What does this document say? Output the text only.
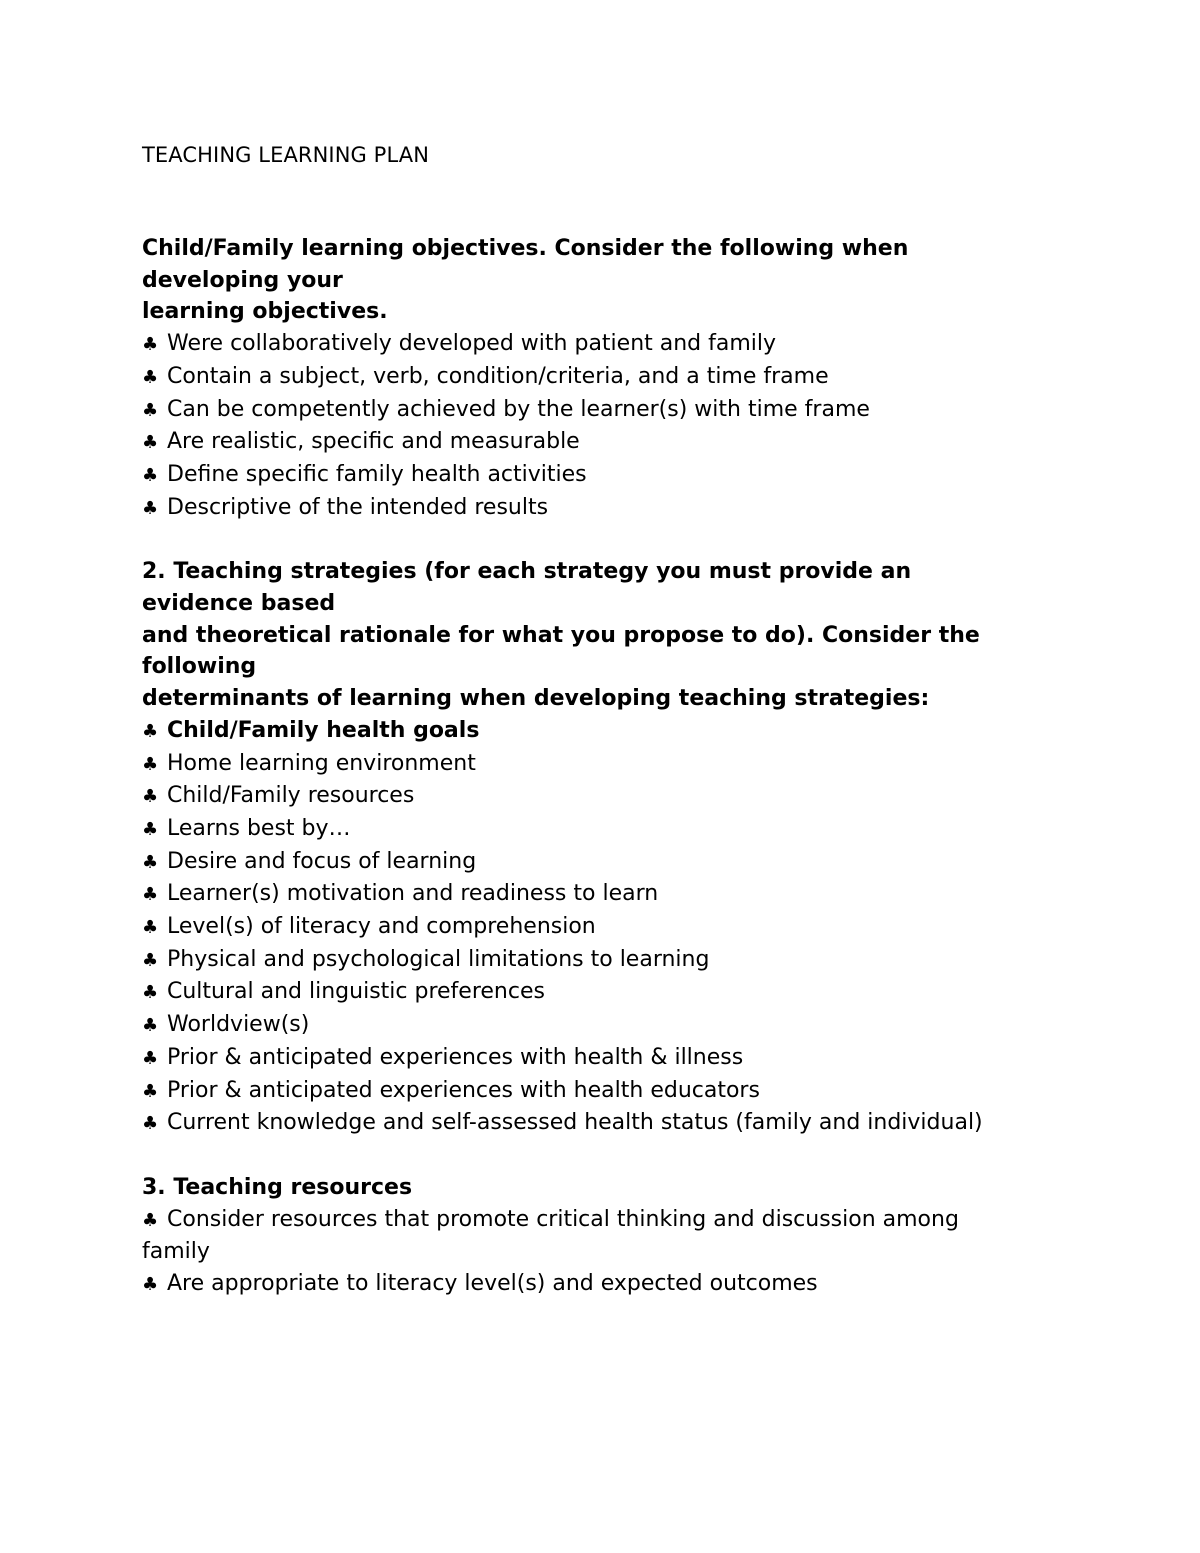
TEACHING LEARNING PLAN
Child/Family learning objectives. Consider the following when
developing your
learning objectives.
♣ Were collaboratively developed with patient and family
♣ Contain a subject, verb, condition/criteria, and a time frame
♣ Can be competently achieved by the learner(s) with time frame
♣ Are realistic, specific and measurable
♣ Define specific family health activities
♣ Descriptive of the intended results
2. Teaching strategies (for each strategy you must provide an
evidence based
and theoretical rationale for what you propose to do). Consider the
following
determinants of learning when developing teaching strategies:
♣ Child/Family health goals
♣ Home learning environment
♣ Child/Family resources
♣ Learns best by…
♣ Desire and focus of learning
♣ Learner(s) motivation and readiness to learn
♣ Level(s) of literacy and comprehension
♣ Physical and psychological limitations to learning
♣ Cultural and linguistic preferences
♣ Worldview(s)
♣ Prior & anticipated experiences with health & illness
♣ Prior & anticipated experiences with health educators
♣ Current knowledge and self-assessed health status (family and individual)
3. Teaching resources
♣ Consider resources that promote critical thinking and discussion among
family
♣ Are appropriate to literacy level(s) and expected outcomes
